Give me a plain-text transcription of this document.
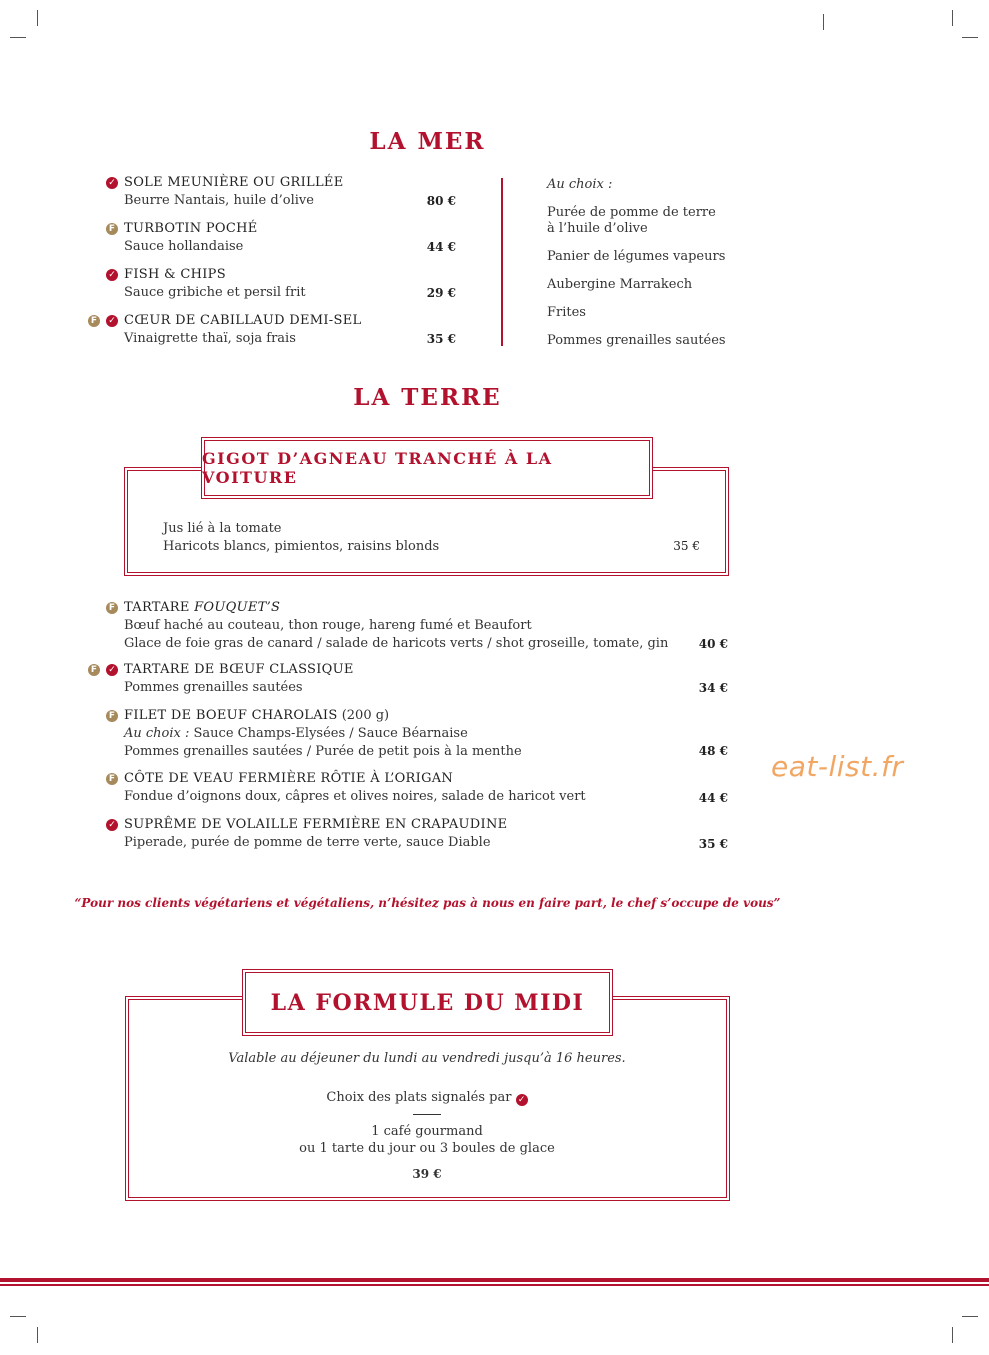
LA MER
✓ SOLE MEUNIÈRE OU GRILLÉE
Beurre Nantais, huile d’olive	80 €
F TURBOTIN POCHÉ
Sauce hollandaise	44 €
✓ FISH & CHIPS
Sauce gribiche et persil frit	29 €
F	✓ CŒUR DE CABILLAUD DEMI-SEL
Vinaigrette thaï, soja frais	35 €
Au choix :
Purée de pomme de terre
à l’huile d’olive
Panier de légumes vapeurs
Aubergine Marrakech
Frites
Pommes grenailles sautées
LA TERRE
GIGOT D’AGNEAU TRANCHÉ À LA VOITURE
Jus lié à la tomate
Haricots blancs, pimientos, raisins blonds	35 €
F TARTARE FOUQUET’S
Bœuf haché au couteau, thon rouge, hareng fumé et Beaufort
Glace de foie gras de canard / salade de haricots verts / shot groseille, tomate, gin	40 €
F	✓ TARTARE DE BŒUF CLASSIQUE
Pommes grenailles sautées	34 €
F FILET DE BOEUF CHAROLAIS (200 g)
Au choix : Sauce Champs-Elysées / Sauce Béarnaise
Pommes grenailles sautées / Purée de petit pois à la menthe	48 €
F CÔTE DE VEAU FERMIÈRE RÔTIE À L’ORIGAN
Fondue d’oignons doux, câpres et olives noires, salade de haricot vert	44 €
✓ SUPRÊME DE VOLAILLE FERMIÈRE EN CRAPAUDINE
Piperade, purée de pomme de terre verte, sauce Diable	35 €
eat-list.fr
“Pour nos clients végétariens et végétaliens, n’hésitez pas à nous en faire part, le chef s’occupe de vous”
LA FORMULE DU MIDI
Valable au déjeuner du lundi au vendredi jusqu’à 16 heures.
Choix des plats signalés par ✓
1 café gourmand
ou 1 tarte du jour ou 3 boules de glace
39 €
